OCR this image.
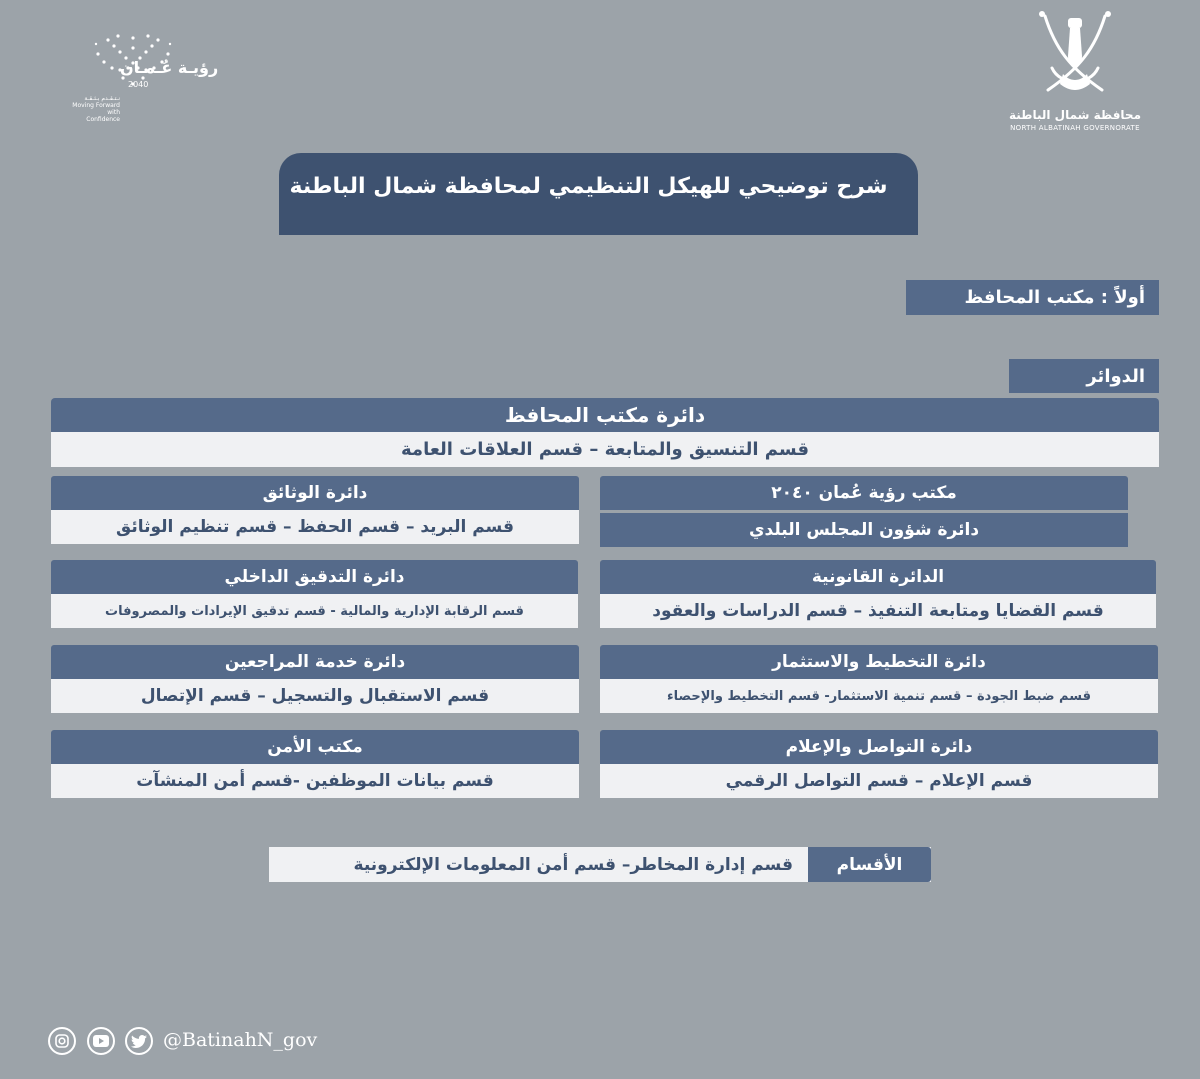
محافظة شمال الباطنة
NORTH ALBATINAH GOVERNORATE
رؤيـة عُـمـان
2040
نـتـقـدم بـثـقـة
Moving Forward
with Confidence
شرح توضيحي للهيكل التنظيمي لمحافظة شمال الباطنة
أولاً : مكتب المحافظ
الدوائر
دائرة مكتب المحافظ
قسم التنسيق والمتابعة – قسم العلاقات العامة
مكتب رؤية عُمان ٢٠٤٠
دائرة شؤون المجلس البلدي
الدائرة القانونية
قسم القضايا ومتابعة التنفيذ – قسم الدراسات والعقود
دائرة التخطيط والاستثمار
قسم ضبط الجودة – قسم تنمية الاستثمار- قسم التخطيط والإحصاء
دائرة التواصل والإعلام
قسم الإعلام – قسم التواصل الرقمي
دائرة الوثائق
قسم البريد – قسم الحفظ – قسم تنظيم الوثائق
دائرة التدقيق الداخلي
قسم الرقابة الإدارية والمالية - قسم تدقيق الإيرادات والمصروفات
دائرة خدمة المراجعين
قسم الاستقبال والتسجيل – قسم الإتصال
مكتب الأمن
قسم بيانات الموظفين -قسم أمن المنشآت
قسم إدارة المخاطر– قسم أمن المعلومات الإلكترونية	الأقسام
@BatinahN_gov
